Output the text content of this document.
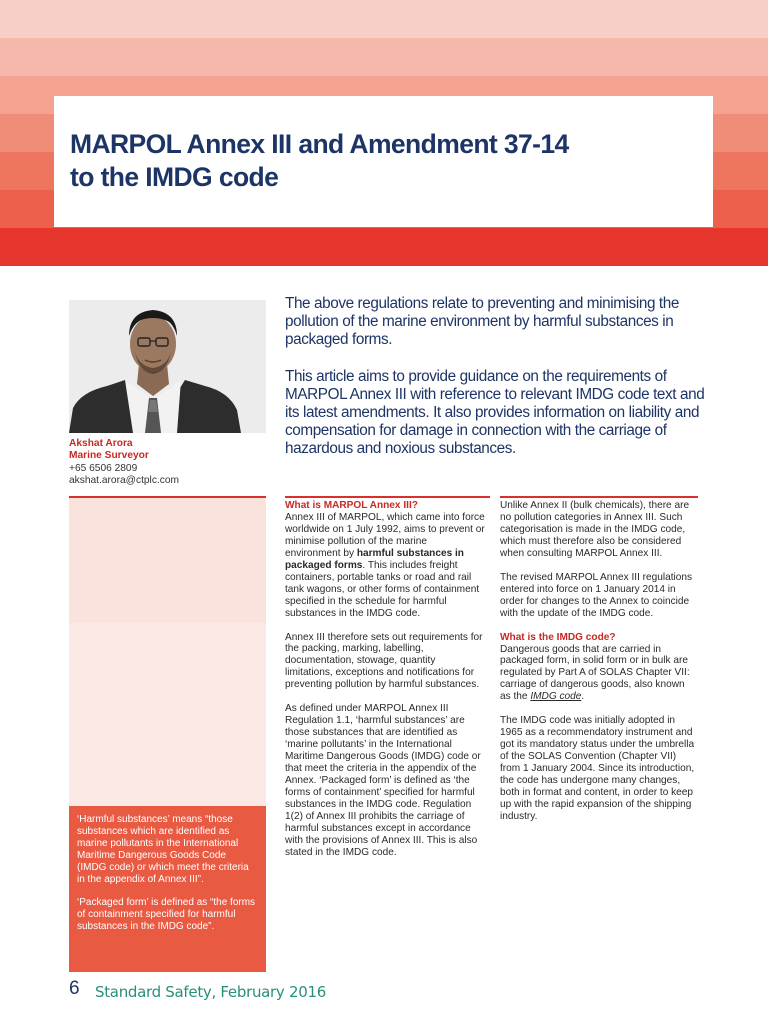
MARPOL Annex III and Amendment 37-14
to the IMDG code
Akshat Arora
Marine Surveyor
+65 6506 2809
akshat.arora@ctplc.com

‘Harmful substances’ means “those substances which are identified as marine pollutants in the International Maritime Dangerous Goods Code (IMDG code) or which meet the criteria in the appendix of Annex III”.

‘Packaged form’ is defined as “the forms of containment specified for harmful substances in the IMDG code”.

The above regulations relate to preventing and minimising the pollution of the marine environment by harmful substances in packaged forms.

This article aims to provide guidance on the requirements of MARPOL Annex III with reference to relevant IMDG code text and its latest amendments. It also provides information on liability and compensation for damage in connection with the carriage of hazardous and noxious substances.

What is MARPOL Annex III?

Annex III of MARPOL, which came into force worldwide on 1 July 1992, aims to prevent or minimise pollution of the marine environment by harmful substances in packaged forms. This includes freight containers, portable tanks or road and rail tank wagons, or other forms of containment specified in the schedule for harmful substances in the IMDG code.

Annex III therefore sets out requirements for the packing, marking, labelling, documentation, stowage, quantity limitations, exceptions and notifications for preventing pollution by harmful substances.

As defined under MARPOL Annex III Regulation 1.1, ‘harmful substances’ are those substances that are identified as ‘marine pollutants’ in the International Maritime Dangerous Goods (IMDG) code or that meet the criteria in the appendix of the Annex. ‘Packaged form’ is defined as ‘the forms of containment’ specified for harmful substances in the IMDG code. Regulation 1(2) of Annex III prohibits the carriage of harmful substances except in accordance with the provisions of Annex III. This is also stated in the IMDG code.

Unlike Annex II (bulk chemicals), there are no pollution categories in Annex III. Such categorisation is made in the IMDG code, which must therefore also be considered when consulting MARPOL Annex III.

The revised MARPOL Annex III regulations entered into force on 1 January 2014 in order for changes to the Annex to coincide with the update of the IMDG code.

What is the IMDG code?

Dangerous goods that are carried in packaged form, in solid form or in bulk are regulated by Part A of SOLAS Chapter VII: carriage of dangerous goods, also known as the IMDG code.

The IMDG code was initially adopted in 1965 as a recommendatory instrument and got its mandatory status under the umbrella of the SOLAS Convention (Chapter VII) from 1 January 2004. Since its introduction, the code has undergone many changes, both in format and content, in order to keep up with the rapid expansion of the shipping industry.

6 Standard Safety, February 2016
